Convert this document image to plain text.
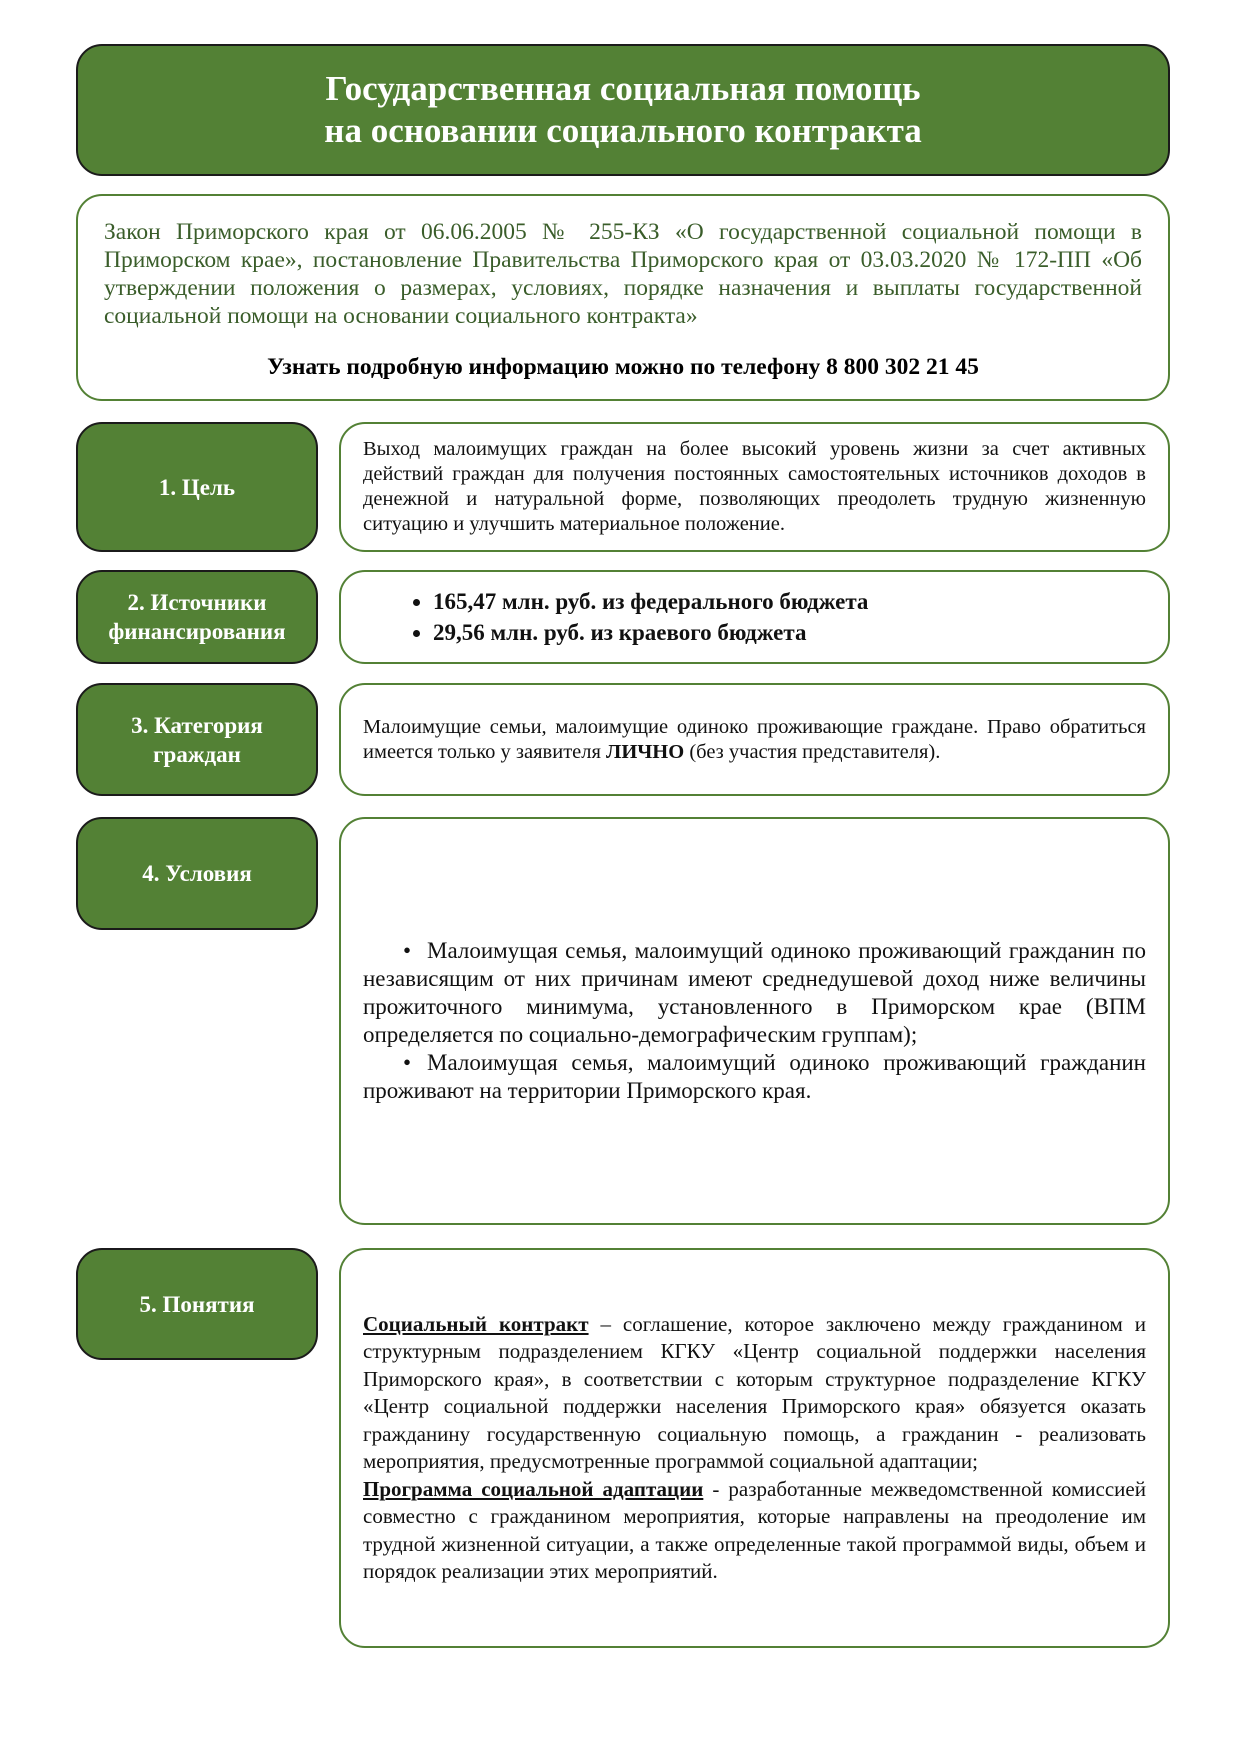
Государственная социальная помощь
на основании социального контракта

Закон Приморского края от 06.06.2005 № 255-КЗ «О государственной социальной помощи в Приморском крае», постановление Правительства Приморского края от 03.03.2020 № 172-ПП «Об утверждении положения о размерах, условиях, порядке назначения и выплаты государственной социальной помощи на основании социального контракта»

Узнать подробную информацию можно по телефону 8 800 302 21 45
1. Цель

Выход малоимущих граждан на более высокий уровень жизни за счет активных действий граждан для получения постоянных самостоятельных источников доходов в денежной и натуральной форме, позволяющих преодолеть трудную жизненную ситуацию и улучшить материальное положение.

2. Источники
финансирования
• 165,47 млн. руб. из федерального бюджета
• 29,56 млн. руб. из краевого бюджета
3. Категория
граждан

Малоимущие семьи, малоимущие одиноко проживающие граждане. Право обратиться имеется только у заявителя ЛИЧНО (без участия представителя).

4. Условия

• Малоимущая семья, малоимущий одиноко проживающий гражданин по независящим от них причинам имеют среднедушевой доход ниже величины прожиточного минимума, установленного в Приморском крае (ВПМ определяется по социально-демографическим группам);

• Малоимущая семья, малоимущий одиноко проживающий гражданин проживают на территории Приморского края.

5. Понятия

Социальный контракт – соглашение, которое заключено между гражданином и структурным подразделением КГКУ «Центр социальной поддержки населения Приморского края», в соответствии с которым структурное подразделение КГКУ «Центр социальной поддержки населения Приморского края» обязуется оказать гражданину государственную социальную помощь, а гражданин - реализовать мероприятия, предусмотренные программой социальной адаптации;

Программа социальной адаптации - разработанные межведомственной комиссией совместно с гражданином мероприятия, которые направлены на преодоление им трудной жизненной ситуации, а также определенные такой программой виды, объем и порядок реализации этих мероприятий.
